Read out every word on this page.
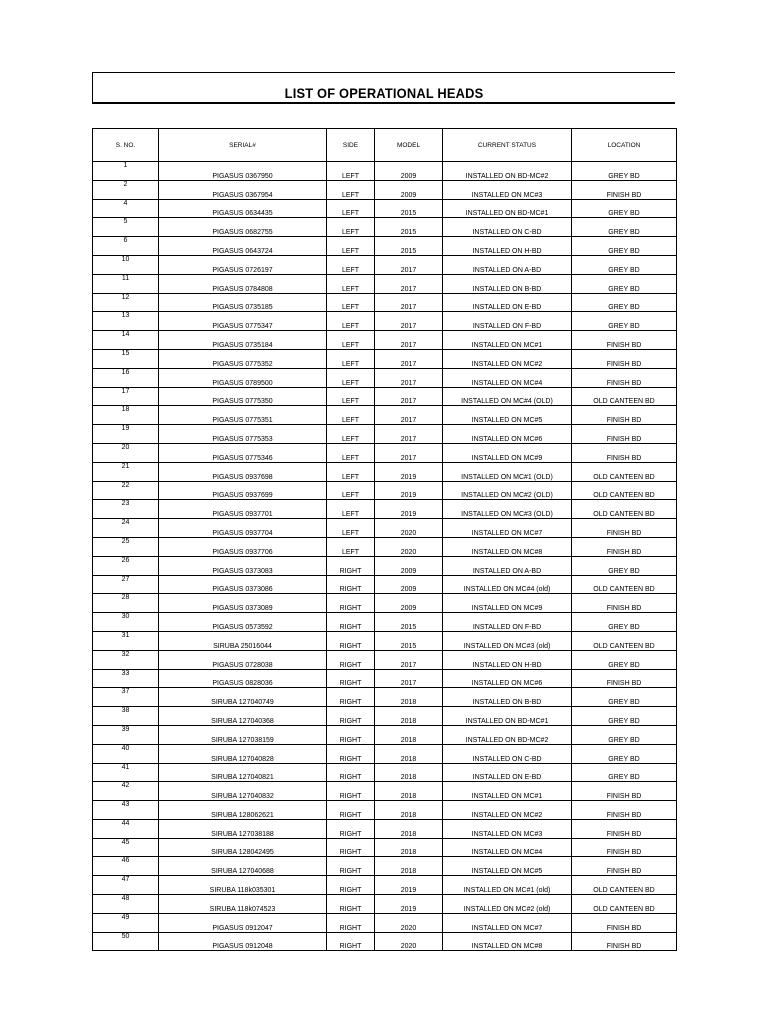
LIST OF OPERATIONAL HEADS
S. NO.	SERIAL#	SIDE	MODEL	CURRENT STATUS	LOCATION
1	PIGASUS 0367950	LEFT	2009	INSTALLED ON BD-MC#2	GREY BD
2	PIGASUS 0367954	LEFT	2009	INSTALLED ON MC#3	FINISH BD
4	PIGASUS 0634435	LEFT	2015	INSTALLED ON BD-MC#1	GREY BD
5	PIGASUS 0682755	LEFT	2015	INSTALLED ON C-BD	GREY BD
6	PIGASUS 0643724	LEFT	2015	INSTALLED ON H-BD	GREY BD
10	PIGASUS 0726197	LEFT	2017	INSTALLED ON A-BD	GREY BD
11	PIGASUS 0784808	LEFT	2017	INSTALLED ON B-BD	GREY BD
12	PIGASUS 0735185	LEFT	2017	INSTALLED ON E-BD	GREY BD
13	PIGASUS 0775347	LEFT	2017	INSTALLED ON F-BD	GREY BD
14	PIGASUS 0735184	LEFT	2017	INSTALLED ON MC#1	FINISH BD
15	PIGASUS 0775352	LEFT	2017	INSTALLED ON MC#2	FINISH BD
16	PIGASUS 0789500	LEFT	2017	INSTALLED ON MC#4	FINISH BD
17	PIGASUS 0775350	LEFT	2017	INSTALLED ON MC#4 (OLD)	OLD CANTEEN BD
18	PIGASUS 0775351	LEFT	2017	INSTALLED ON MC#5	FINISH BD
19	PIGASUS 0775353	LEFT	2017	INSTALLED ON MC#6	FINISH BD
20	PIGASUS 0775346	LEFT	2017	INSTALLED ON MC#9	FINISH BD
21	PIGASUS 0937698	LEFT	2019	INSTALLED ON MC#1 (OLD)	OLD CANTEEN BD
22	PIGASUS 0937699	LEFT	2019	INSTALLED ON MC#2 (OLD)	OLD CANTEEN BD
23	PIGASUS 0937701	LEFT	2019	INSTALLED ON MC#3 (OLD)	OLD CANTEEN BD
24	PIGASUS 0937704	LEFT	2020	INSTALLED ON MC#7	FINISH BD
25	PIGASUS 0937706	LEFT	2020	INSTALLED ON MC#8	FINISH BD
26	PIGASUS 0373083	RIGHT	2009	INSTALLED ON A-BD	GREY BD
27	PIGASUS 0373086	RIGHT	2009	INSTALLED ON MC#4 (old)	OLD CANTEEN BD
28	PIGASUS 0373089	RIGHT	2009	INSTALLED ON MC#9	FINISH BD
30	PIGASUS 0573592	RIGHT	2015	INSTALLED ON F-BD	GREY BD
31	SIRUBA 25016044	RIGHT	2015	INSTALLED ON MC#3 (old)	OLD CANTEEN BD
32	PIGASUS 0728038	RIGHT	2017	INSTALLED ON H-BD	GREY BD
33	PIGASUS 0828036	RIGHT	2017	INSTALLED ON MC#6	FINISH BD
37	SIRUBA 127040749	RIGHT	2018	INSTALLED ON B-BD	GREY BD
38	SIRUBA 127040368	RIGHT	2018	INSTALLED ON BD-MC#1	GREY BD
39	SIRUBA 127038159	RIGHT	2018	INSTALLED ON BD-MC#2	GREY BD
40	SIRUBA 127040828	RIGHT	2018	INSTALLED ON C-BD	GREY BD
41	SIRUBA 127040821	RIGHT	2018	INSTALLED ON E-BD	GREY BD
42	SIRUBA 127040832	RIGHT	2018	INSTALLED ON MC#1	FINISH BD
43	SIRUBA 128062621	RIGHT	2018	INSTALLED ON MC#2	FINISH BD
44	SIRUBA 127038188	RIGHT	2018	INSTALLED ON MC#3	FINISH BD
45	SIRUBA 128042495	RIGHT	2018	INSTALLED ON MC#4	FINISH BD
46	SIRUBA 127040688	RIGHT	2018	INSTALLED ON MC#5	FINISH BD
47	SIRUBA 118k035301	RIGHT	2019	INSTALLED ON MC#1 (old)	OLD CANTEEN BD
48	SIRUBA 118k074523	RIGHT	2019	INSTALLED ON MC#2 (old)	OLD CANTEEN BD
49	PIGASUS 0912047	RIGHT	2020	INSTALLED ON MC#7	FINISH BD
50	PIGASUS 0912048	RIGHT	2020	INSTALLED ON MC#8	FINISH BD
